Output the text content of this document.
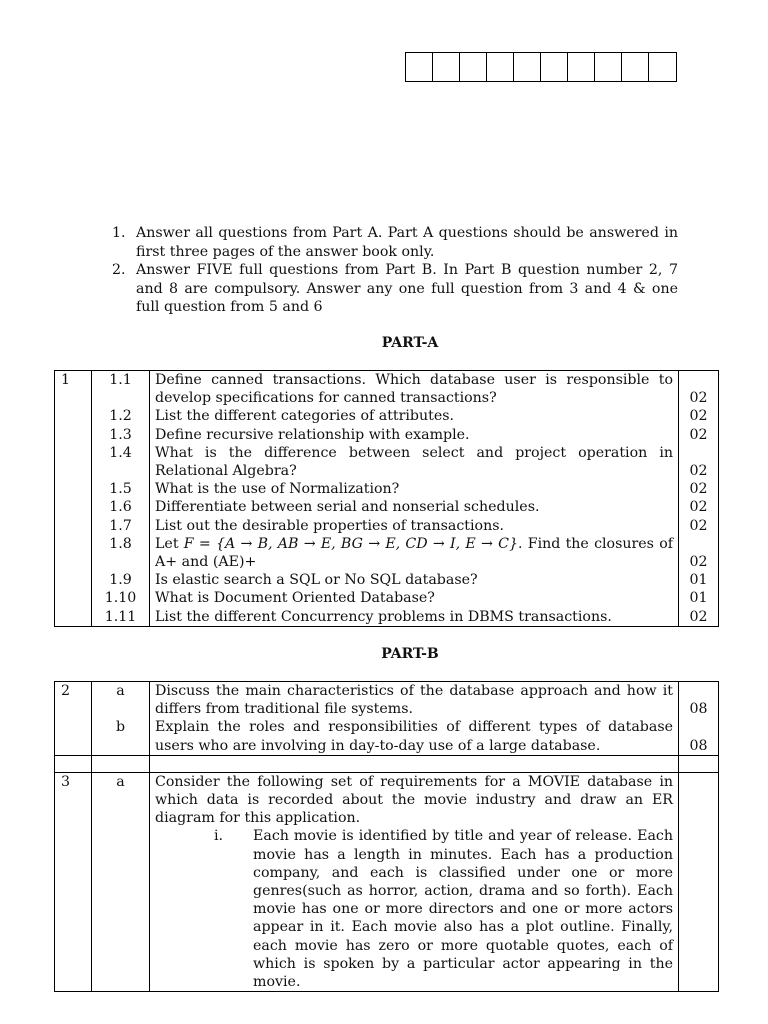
1. Answer all questions from Part A. Part A questions should be answered in first three pages of the answer book only.
2. Answer FIVE full questions from Part B. In Part B question number 2, 7 and 8 are compulsory. Answer any one full question from 3 and 4 & one full question from 5 and 6
PART-A
1	1.1	Define canned transactions. Which database user is responsible to develop specifications for canned transactions?	02
	1.2	List the different categories of attributes.	02
	1.3	Define recursive relationship with example.	02
	1.4	What is the difference between select and project operation in Relational Algebra?	02
	1.5	What is the use of Normalization?	02
	1.6	Differentiate between serial and nonserial schedules.	02
	1.7	List out the desirable properties of transactions.	02
	1.8	Let F = {A → B, AB → E, BG → E, CD → I, E → C}. Find the closures of A+ and (AE)+	02
	1.9	Is elastic search a SQL or No SQL database?	01
	1.10	What is Document Oriented Database?	01
	1.11	List the different Concurrency problems in DBMS transactions.	02
PART-B
2	a	Discuss the main characteristics of the database approach and how it differs from traditional file systems.	08
	b	Explain the roles and responsibilities of different types of database users who are involving in day-to-day use of a large database.	08

3	a	Consider the following set of requirements for a MOVIE database in which data is recorded about the movie industry and draw an ER diagram for this application.
i. Each movie is identified by title and year of release. Each movie has a length in minutes. Each has a production company, and each is classified under one or more genres(such as horror, action, drama and so forth). Each movie has one or more directors and one or more actors appear in it. Each movie also has a plot outline. Finally, each movie has zero or more quotable quotes, each of which is spoken by a particular actor appearing in the movie.	
